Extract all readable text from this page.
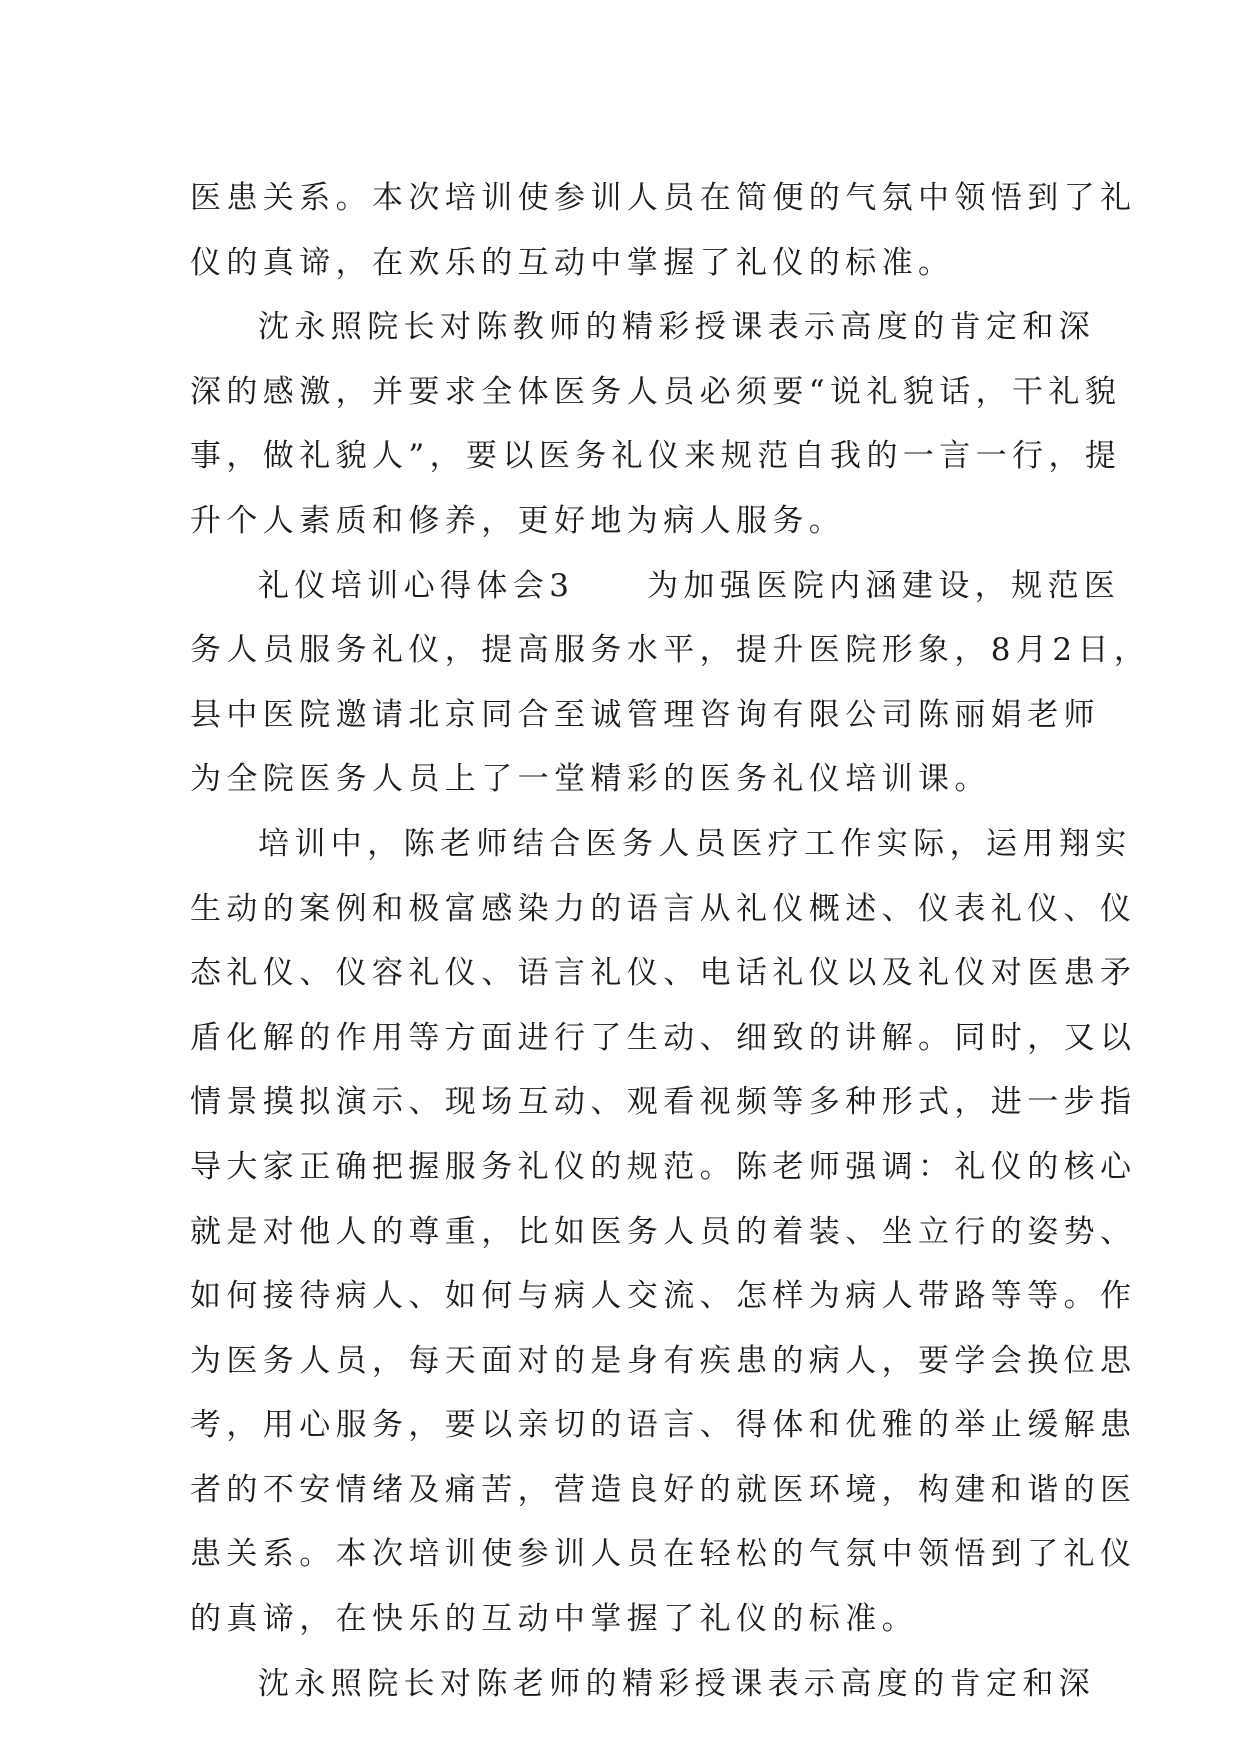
医患关系。本次培训使参训人员在简便的气氛中领悟到了礼
仪的真谛，在欢乐的互动中掌握了礼仪的标准。
沈永照院长对陈教师的精彩授课表示高度的肯定和深
深的感激，并要求全体医务人员必须要“说礼貌话，干礼貌
事，做礼貌人”，要以医务礼仪来规范自我的一言一行，提
升个人素质和修养，更好地为病人服务。
礼仪培训心得体会3　　为加强医院内涵建设，规范医
务人员服务礼仪，提高服务水平，提升医院形象，8月2日，
县中医院邀请北京同合至诚管理咨询有限公司陈丽娟老师
为全院医务人员上了一堂精彩的医务礼仪培训课。
培训中，陈老师结合医务人员医疗工作实际，运用翔实
生动的案例和极富感染力的语言从礼仪概述、仪表礼仪、仪
态礼仪、仪容礼仪、语言礼仪、电话礼仪以及礼仪对医患矛
盾化解的作用等方面进行了生动、细致的讲解。同时，又以
情景摸拟演示、现场互动、观看视频等多种形式，进一步指
导大家正确把握服务礼仪的规范。陈老师强调：礼仪的核心
就是对他人的尊重，比如医务人员的着装、坐立行的姿势、
如何接待病人、如何与病人交流、怎样为病人带路等等。作
为医务人员，每天面对的是身有疾患的病人，要学会换位思
考，用心服务，要以亲切的语言、得体和优雅的举止缓解患
者的不安情绪及痛苦，营造良好的就医环境，构建和谐的医
患关系。本次培训使参训人员在轻松的气氛中领悟到了礼仪
的真谛，在快乐的互动中掌握了礼仪的标准。
沈永照院长对陈老师的精彩授课表示高度的肯定和深
